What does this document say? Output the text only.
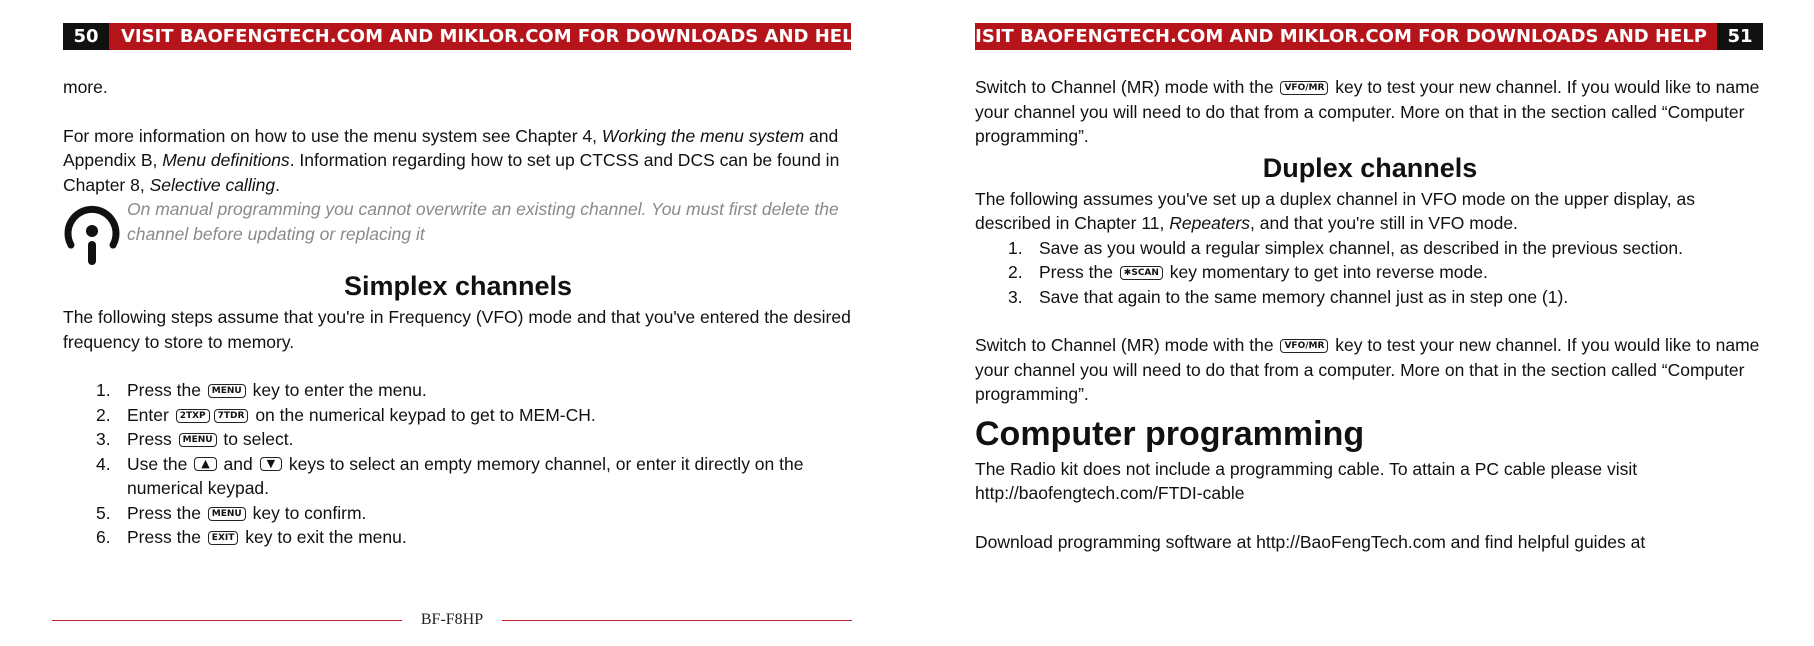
50	VISIT BAOFENGTECH.COM AND MIKLOR.COM FOR DOWNLOADS AND HELP

more.

For more information on how to use the menu system see Chapter 4, Working the menu system and Appendix B, Menu definitions. Information regarding how to set up CTCSS and DCS can be found in Chapter 8, Selective calling.

On manual programming you cannot overwrite an existing channel. You must first delete the channel before updating or replacing it
Simplex channels

The following steps assume that you're in Frequency (VFO) mode and that you've entered the desired frequency to store to memory.

1. Press the MENU key to enter the menu.
2. Enter 2TXP 7TDR on the numerical keypad to get to MEM-CH.
3. Press MENU to select.
4. Use the ▲ and ▼ keys to select an empty memory channel, or enter it directly on the numerical keypad.
5. Press the MENU key to confirm.
6. Press the EXIT key to exit the menu.
BF-F8HP
VISIT BAOFENGTECH.COM AND MIKLOR.COM FOR DOWNLOADS AND HELP	51

Switch to Channel (MR) mode with the VFO/MR key to test your new channel. If you would like to name your channel you will need to do that from a computer. More on that in the section called “Computer programming”.

Duplex channels

The following assumes you've set up a duplex channel in VFO mode on the upper display, as described in Chapter 11, Repeaters, and that you're still in VFO mode.

1. Save as you would a regular simplex channel, as described in the previous section.
2. Press the ✱SCAN key momentary to get into reverse mode.
3. Save that again to the same memory channel just as in step one (1).

Switch to Channel (MR) mode with the VFO/MR key to test your new channel. If you would like to name your channel you will need to do that from a computer. More on that in the section called “Computer programming”.

Computer programming

The Radio kit does not include a programming cable. To attain a PC cable please visit http://baofengtech.com/FTDI-cable

Download programming software at http://BaoFengTech.com and find helpful guides at
